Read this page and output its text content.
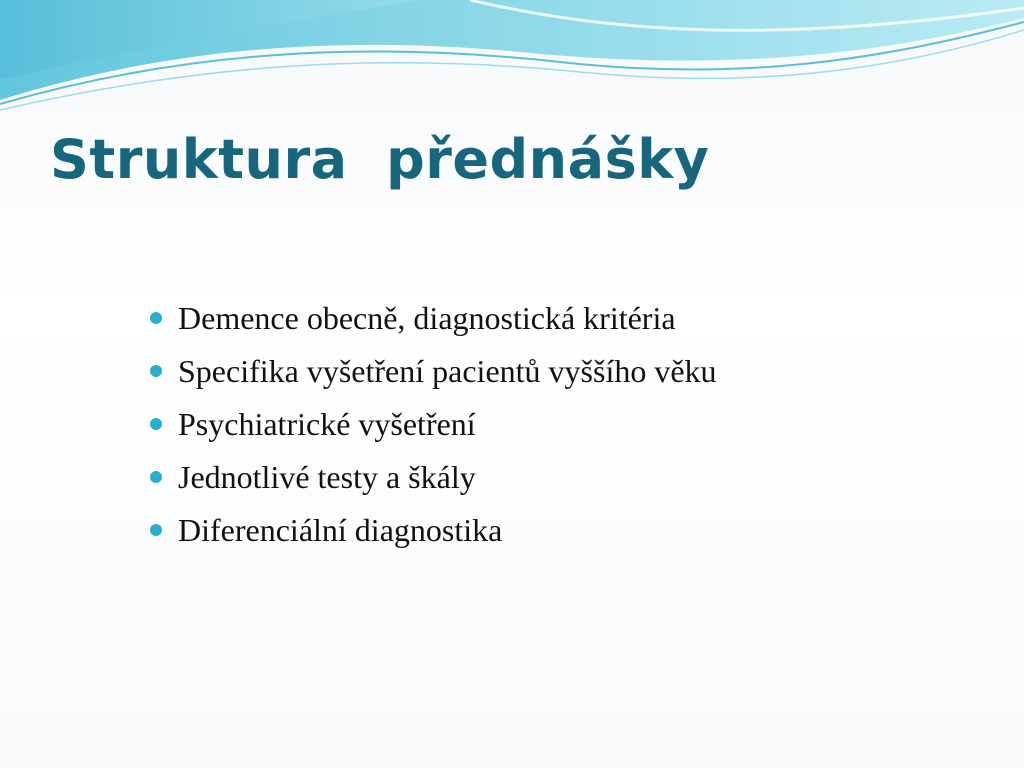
Struktura  přednášky
Demence obecně, diagnostická kritéria
Specifika vyšetření pacientů vyššího věku
Psychiatrické vyšetření
Jednotlivé testy a škály
Diferenciální diagnostika
